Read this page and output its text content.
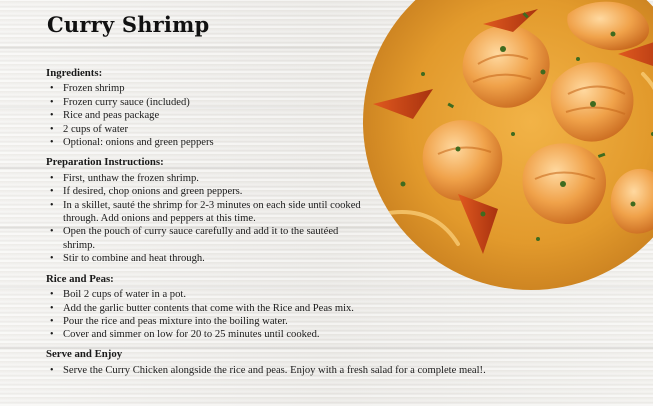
Curry Shrimp

Ingredients:

• Frozen shrimp
• Frozen curry sauce (included)
• Rice and peas package
• 2 cups of water
• Optional: onions and green peppers

Preparation Instructions:

• First, unthaw the frozen shrimp.
• If desired, chop onions and green peppers.
• In a skillet, sauté the shrimp for 2-3 minutes on each side until cooked through. Add onions and peppers at this time.
• Open the pouch of curry sauce carefully and add it to the sautéed shrimp.
• Stir to combine and heat through.

Rice and Peas:

• Boil 2 cups of water in a pot.
• Add the garlic butter contents that come with the Rice and Peas mix.
• Pour the rice and peas mixture into the boiling water.
• Cover and simmer on low for 20 to 25 minutes until cooked.

Serve and Enjoy

• Serve the Curry Chicken alongside the rice and peas. Enjoy with a fresh salad for a complete meal!.
